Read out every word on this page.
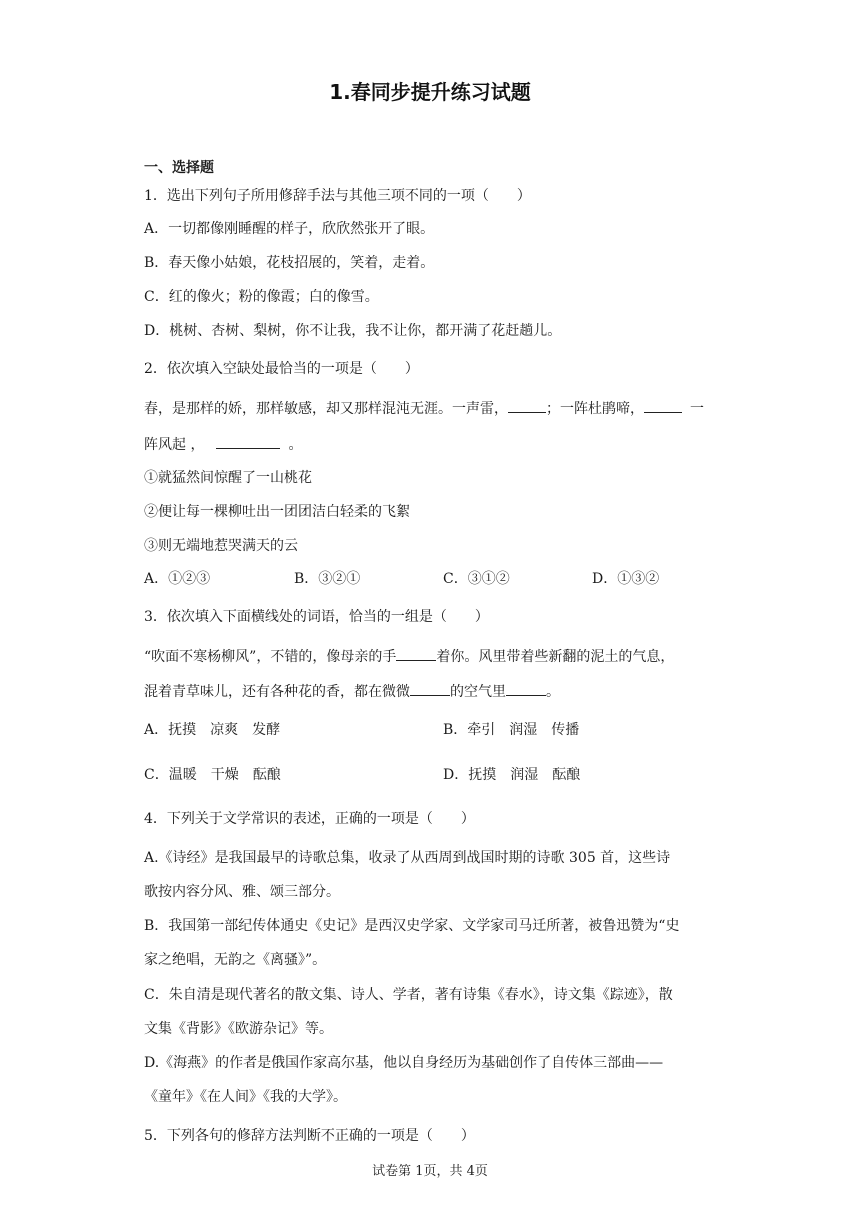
1.春同步提升练习试题
一、选择题
1．选出下列句子所用修辞手法与其他三项不同的一项（　　）
A．一切都像刚睡醒的样子，欣欣然张开了眼。
B．春天像小姑娘，花枝招展的，笑着，走着。
C．红的像火；粉的像霞；白的像雪。
D．桃树、杏树、梨树，你不让我，我不让你，都开满了花赶趟儿。
2．依次填入空缺处最恰当的一项是（　　）
春，是那样的娇，那样敏感，却又那样混沌无涯。一声雷，	；一阵杜鹃啼，	一
阵风起 ，	。
①就猛然间惊醒了一山桃花
②便让每一棵柳吐出一团团洁白轻柔的飞絮
③则无端地惹哭满天的云
A．①②③	B．③②①	C．③①②	D．①③②
3．依次填入下面横线处的词语，恰当的一组是（　　）
“吹面不寒杨柳风”，不错的，像母亲的手	着你。风里带着些新翻的泥土的气息，
混着青草味儿，还有各种花的香，都在微微	的空气里	。
A．抚摸　凉爽　发酵	B．牵引　润湿　传播
C．温暖　干燥　酝酿	D．抚摸　润湿　酝酿
4．下列关于文学常识的表述，正确的一项是（　　）
A.《诗经》是我国最早的诗歌总集，收录了从西周到战国时期的诗歌 305 首，这些诗
歌按内容分风、雅、颂三部分。
B．我国第一部纪传体通史《史记》是西汉史学家、文学家司马迁所著，被鲁迅赞为“史
家之绝唱，无韵之《离骚》”。
C．朱自清是现代著名的散文集、诗人、学者，著有诗集《春水》，诗文集《踪迹》，散
文集《背影》《欧游杂记》等。
D.《海燕》的作者是俄国作家高尔基，他以自身经历为基础创作了自传体三部曲——
《童年》《在人间》《我的大学》。
5．下列各句的修辞方法判断不正确的一项是（　　）
试卷第 1页，共 4页
